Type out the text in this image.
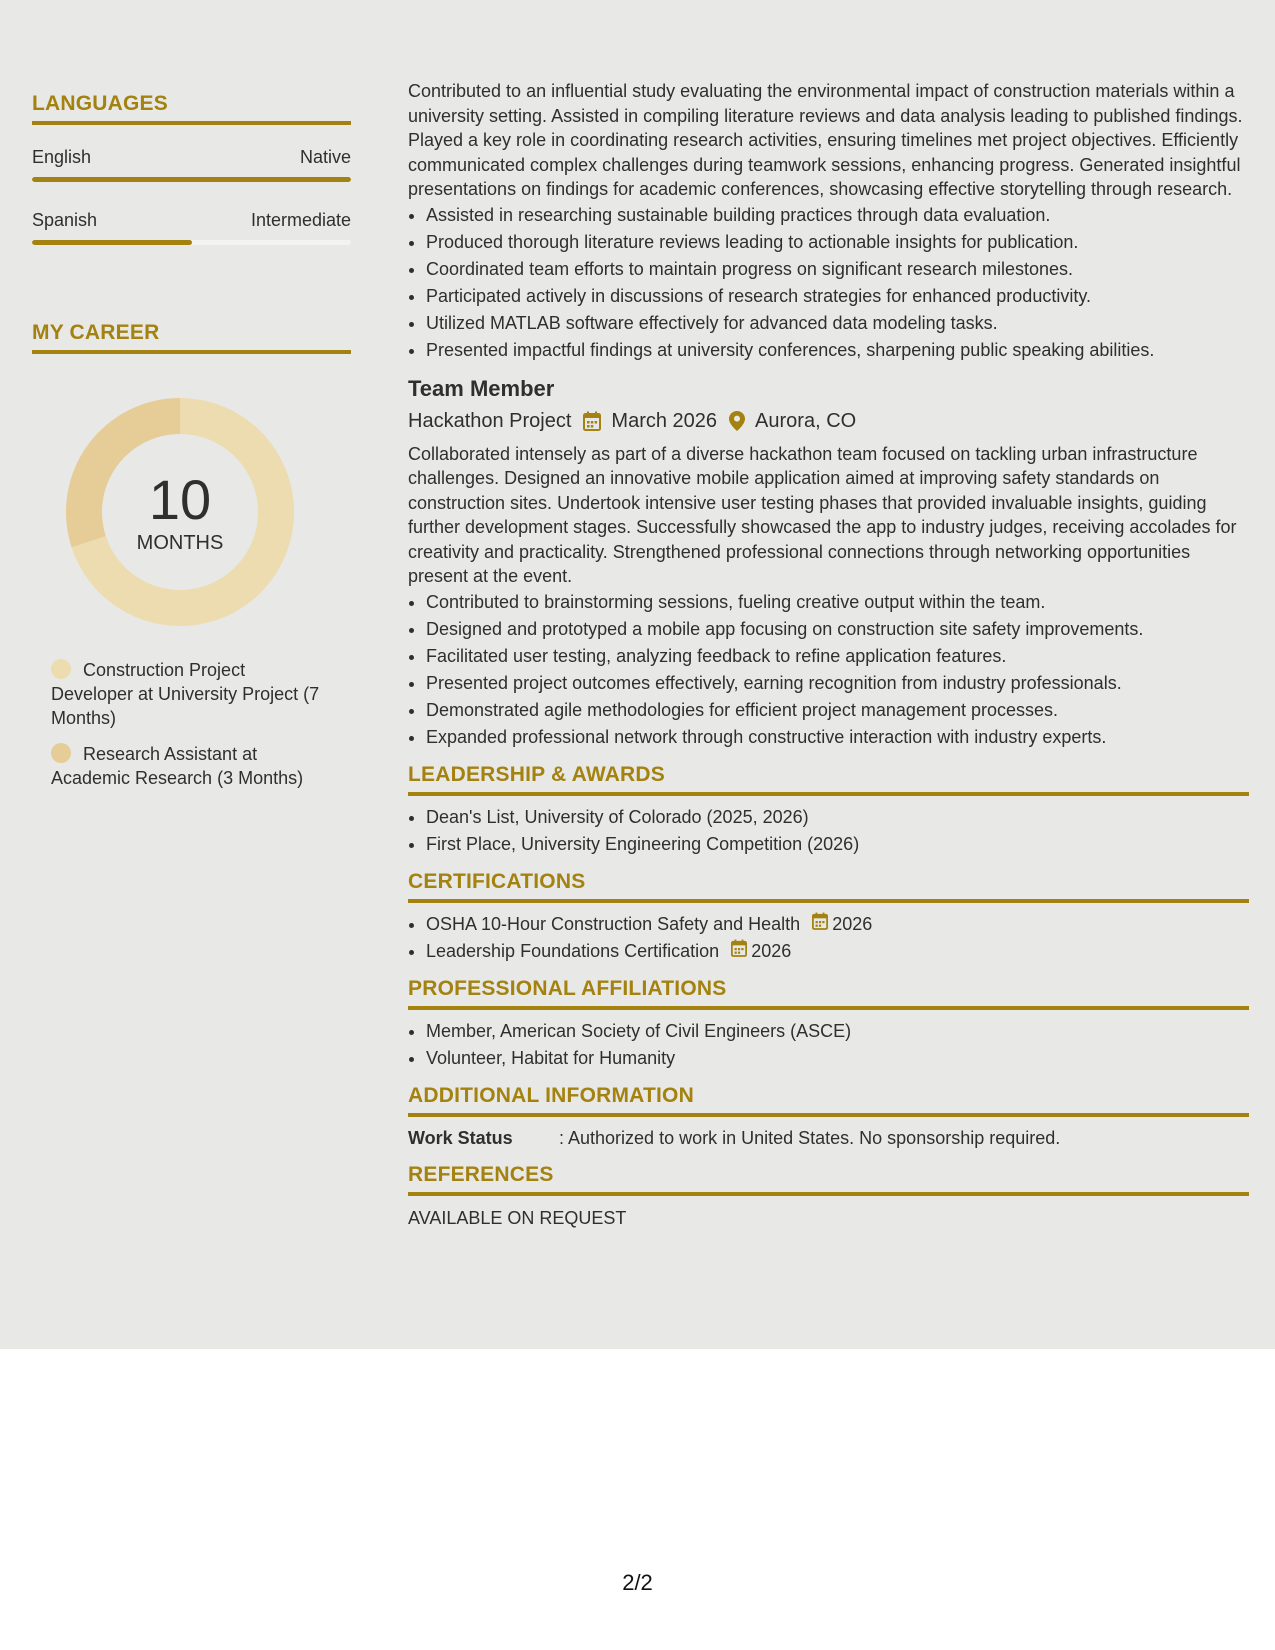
LANGUAGES
English	Native
Spanish	Intermediate
MY CAREER
10
MONTHS
Construction Project Developer at University Project (7 Months)
Research Assistant at Academic Research (3 Months)
Contributed to an influential study evaluating the environmental impact of construction materials within a university setting. Assisted in compiling literature reviews and data analysis leading to published findings. Played a key role in coordinating research activities, ensuring timelines met project objectives. Efficiently communicated complex challenges during teamwork sessions, enhancing progress. Generated insightful presentations on findings for academic conferences, showcasing effective storytelling through research.
• Assisted in researching sustainable building practices through data evaluation.
• Produced thorough literature reviews leading to actionable insights for publication.
• Coordinated team efforts to maintain progress on significant research milestones.
• Participated actively in discussions of research strategies for enhanced productivity.
• Utilized MATLAB software effectively for advanced data modeling tasks.
• Presented impactful findings at university conferences, sharpening public speaking abilities.
Team Member
Hackathon Project March 2026 Aurora, CO
Collaborated intensely as part of a diverse hackathon team focused on tackling urban infrastructure challenges. Designed an innovative mobile application aimed at improving safety standards on construction sites. Undertook intensive user testing phases that provided invaluable insights, guiding further development stages. Successfully showcased the app to industry judges, receiving accolades for creativity and practicality. Strengthened professional connections through networking opportunities present at the event.
• Contributed to brainstorming sessions, fueling creative output within the team.
• Designed and prototyped a mobile app focusing on construction site safety improvements.
• Facilitated user testing, analyzing feedback to refine application features.
• Presented project outcomes effectively, earning recognition from industry professionals.
• Demonstrated agile methodologies for efficient project management processes.
• Expanded professional network through constructive interaction with industry experts.
LEADERSHIP & AWARDS
• Dean's List, University of Colorado (2025, 2026)
• First Place, University Engineering Competition (2026)
CERTIFICATIONS
• OSHA 10-Hour Construction Safety and Health 2026
• Leadership Foundations Certification 2026
PROFESSIONAL AFFILIATIONS
• Member, American Society of Civil Engineers (ASCE)
• Volunteer, Habitat for Humanity
ADDITIONAL INFORMATION
Work Status	: Authorized to work in United States. No sponsorship required.
REFERENCES
AVAILABLE ON REQUEST
2/2
